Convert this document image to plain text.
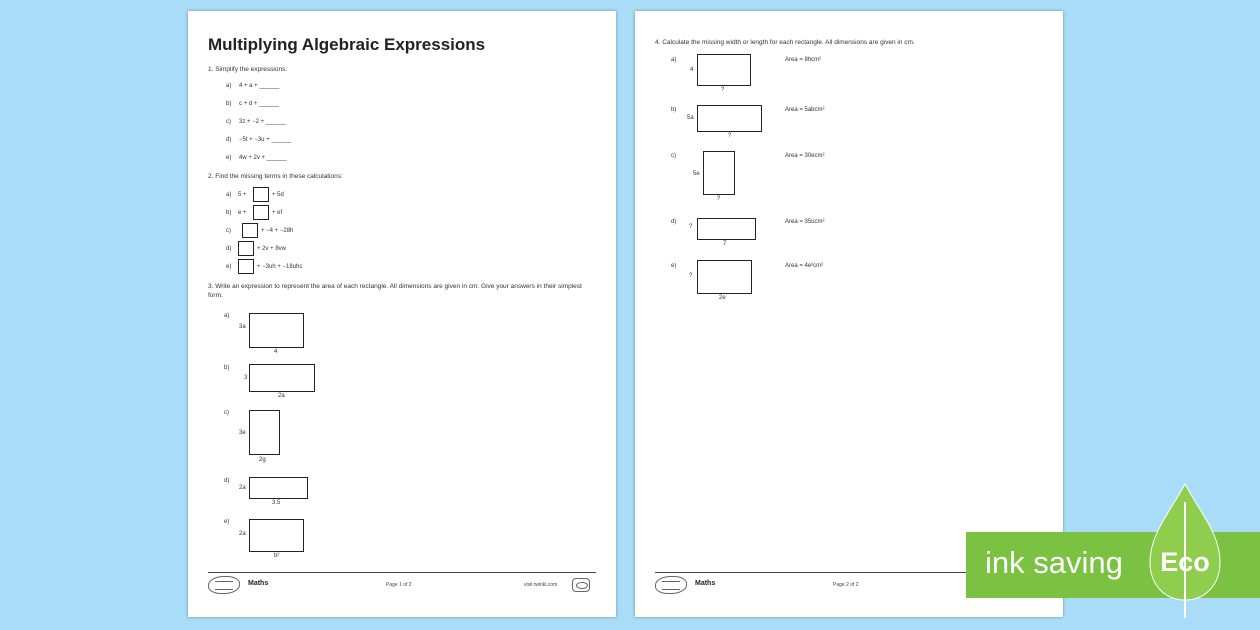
Multiplying Algebraic Expressions
1. Simplify the expressions:
a) 4 + a + ______
b) c + d + ______
c) 3z + −2 + ______
d) −5t + −3u + ______
e) 4w + 2v + ______
2. Find the missing terms in these calculations:
a) 5 +	+ 5d
b) e +	+ ef
c)	+ −4 + −28h
d)	+ 2v + 8vw
e)	+ −3uh + −18uhc
3. Write an expression to represent the area of each rectangle. All dimensions are given in cm. Give your answers in their simplest form.
a)
3a
4
b)
3
2a
c)
3e
2g
d)
2a
3.5
e)
2a
b²
Maths	Page 1 of 2	visit twinkl.com
4. Calculate the missing width or length for each rectangle. All dimensions are given in cm.
a)
4
?
Area = 8hcm²
b)
5a
?
Area = 5abcm²
c)
5e
?
Area = 30ecm²
d)
?
7
Area = 35ucm²
e)
?
2e
Area = 4e²cm²
Maths	Page 2 of 2
ink saving Eco
